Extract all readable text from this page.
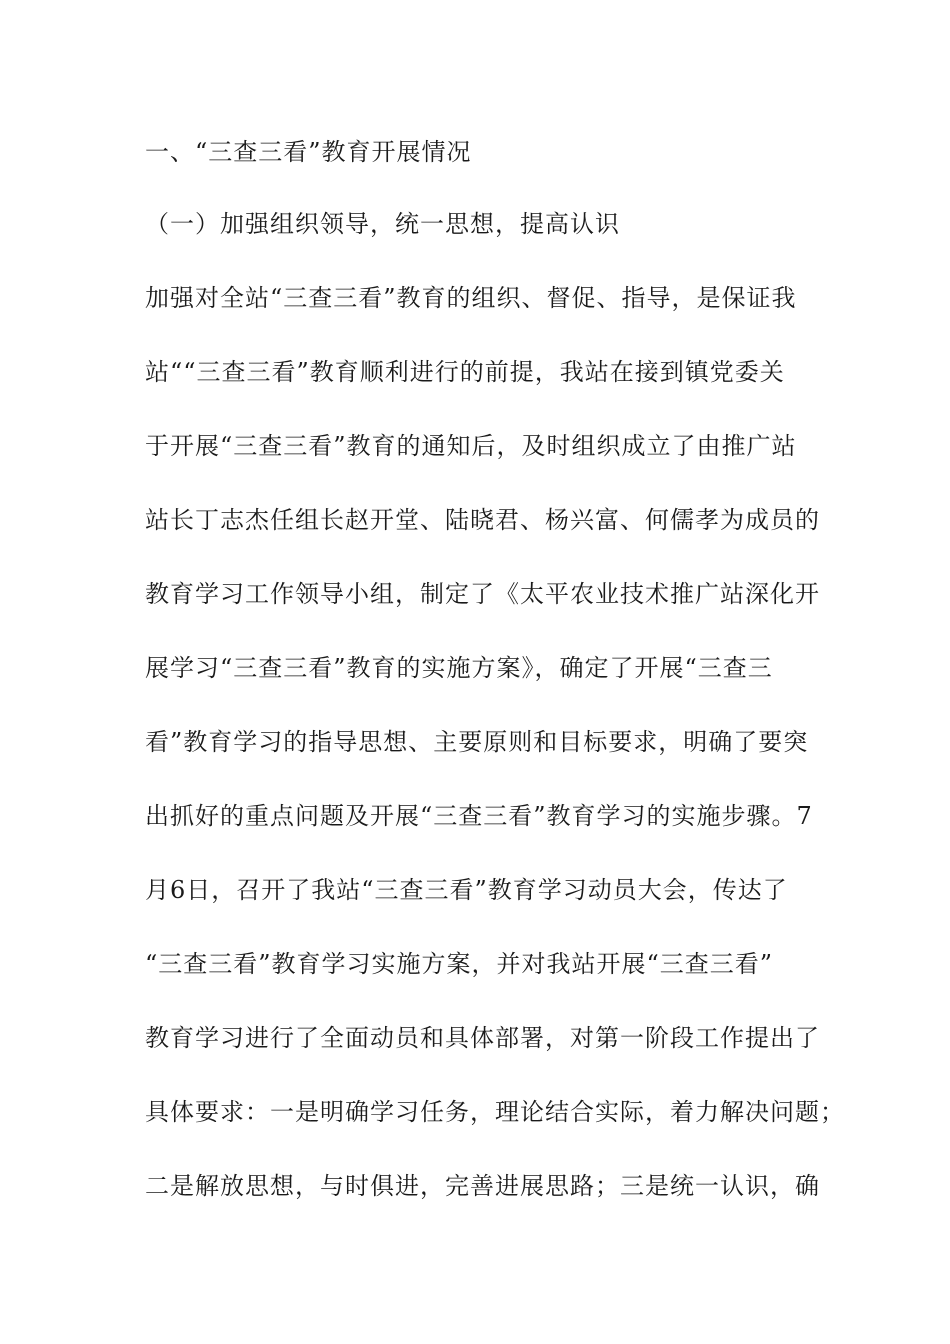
一、“三查三看”教育开展情况
（一）加强组织领导，统一思想，提高认识
加强对全站“三查三看”教育的组织、督促、指导，是保证我
站““三查三看”教育顺利进行的前提，我站在接到镇党委关
于开展“三查三看”教育的通知后，及时组织成立了由推广站
站长丁志杰任组长赵开堂、陆晓君、杨兴富、何儒孝为成员的
教育学习工作领导小组，制定了《太平农业技术推广站深化开
展学习“三查三看”教育的实施方案》，确定了开展“三查三
看”教育学习的指导思想、主要原则和目标要求，明确了要突
出抓好的重点问题及开展“三查三看”教育学习的实施步骤。7
月6日，召开了我站“三查三看”教育学习动员大会，传达了
“三查三看”教育学习实施方案，并对我站开展“三查三看”
教育学习进行了全面动员和具体部署，对第一阶段工作提出了
具体要求：一是明确学习任务，理论结合实际，着力解决问题；
二是解放思想，与时俱进，完善进展思路；三是统一认识，确
